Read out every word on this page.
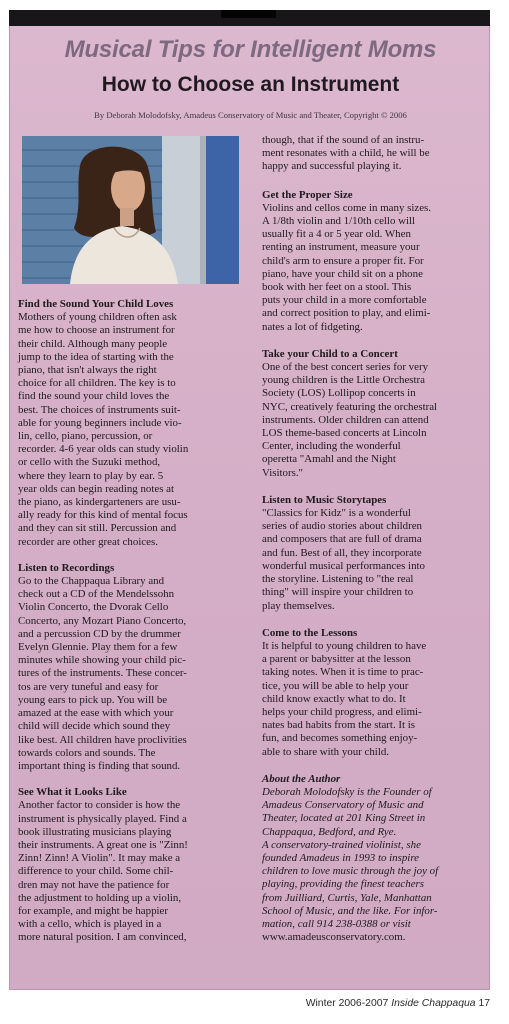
Musical Tips for Intelligent Moms
How to Choose an Instrument
By Deborah Molodofsky, Amadeus Conservatory of Music and Theater, Copyright © 2006
Find the Sound Your Child Loves

Mothers of young children often ask
me how to choose an instrument for
their child. Although many people
jump to the idea of starting with the
piano, that isn't always the right
choice for all children. The key is to
find the sound your child loves the
best. The choices of instruments suit-
able for young beginners include vio-
lin, cello, piano, percussion, or
recorder. 4-6 year olds can study violin
or cello with the Suzuki method,
where they learn to play by ear. 5
year olds can begin reading notes at
the piano, as kindergarteners are usu-
ally ready for this kind of mental focus
and they can sit still. Percussion and
recorder are other great choices.

Listen to Recordings

Go to the Chappaqua Library and
check out a CD of the Mendelssohn
Violin Concerto, the Dvorak Cello
Concerto, any Mozart Piano Concerto,
and a percussion CD by the drummer
Evelyn Glennie. Play them for a few
minutes while showing your child pic-
tures of the instruments. These concer-
tos are very tuneful and easy for
young ears to pick up. You will be
amazed at the ease with which your
child will decide which sound they
like best. All children have proclivities
towards colors and sounds. The
important thing is finding that sound.

See What it Looks Like

Another factor to consider is how the
instrument is physically played. Find a
book illustrating musicians playing
their instruments. A great one is "Zinn!
Zinn! Zinn! A Violin". It may make a
difference to your child. Some chil-
dren may not have the patience for
the adjustment to holding up a violin,
for example, and might be happier
with a cello, which is played in a
more natural position. I am convinced,

though, that if the sound of an instru-
ment resonates with a child, he will be
happy and successful playing it.

Get the Proper Size

Violins and cellos come in many sizes.
A 1/8th violin and 1/10th cello will
usually fit a 4 or 5 year old. When
renting an instrument, measure your
child's arm to ensure a proper fit. For
piano, have your child sit on a phone
book with her feet on a stool. This
puts your child in a more comfortable
and correct position to play, and elimi-
nates a lot of fidgeting.

Take your Child to a Concert

One of the best concert series for very
young children is the Little Orchestra
Society (LOS) Lollipop concerts in
NYC, creatively featuring the orchestral
instruments. Older children can attend
LOS theme-based concerts at Lincoln
Center, including the wonderful
operetta "Amahl and the Night
Visitors."

Listen to Music Storytapes

"Classics for Kidz" is a wonderful
series of audio stories about children
and composers that are full of drama
and fun. Best of all, they incorporate
wonderful musical performances into
the storyline. Listening to "the real
thing" will inspire your children to
play themselves.

Come to the Lessons

It is helpful to young children to have
a parent or babysitter at the lesson
taking notes. When it is time to prac-
tice, you will be able to help your
child know exactly what to do. It
helps your child progress, and elimi-
nates bad habits from the start. It is
fun, and becomes something enjoy-
able to share with your child.

About the Author

Deborah Molodofsky is the Founder of
Amadeus Conservatory of Music and
Theater, located at 201 King Street in
Chappaqua, Bedford, and Rye.
A conservatory-trained violinist, she
founded Amadeus in 1993 to inspire
children to love music through the joy of
playing, providing the finest teachers
from Juilliard, Curtis, Yale, Manhattan
School of Music, and the like. For infor-
mation, call 914 238-0388 or visit

www.amadeusconservatory.com.

Winter 2006-2007 Inside Chappaqua 17
